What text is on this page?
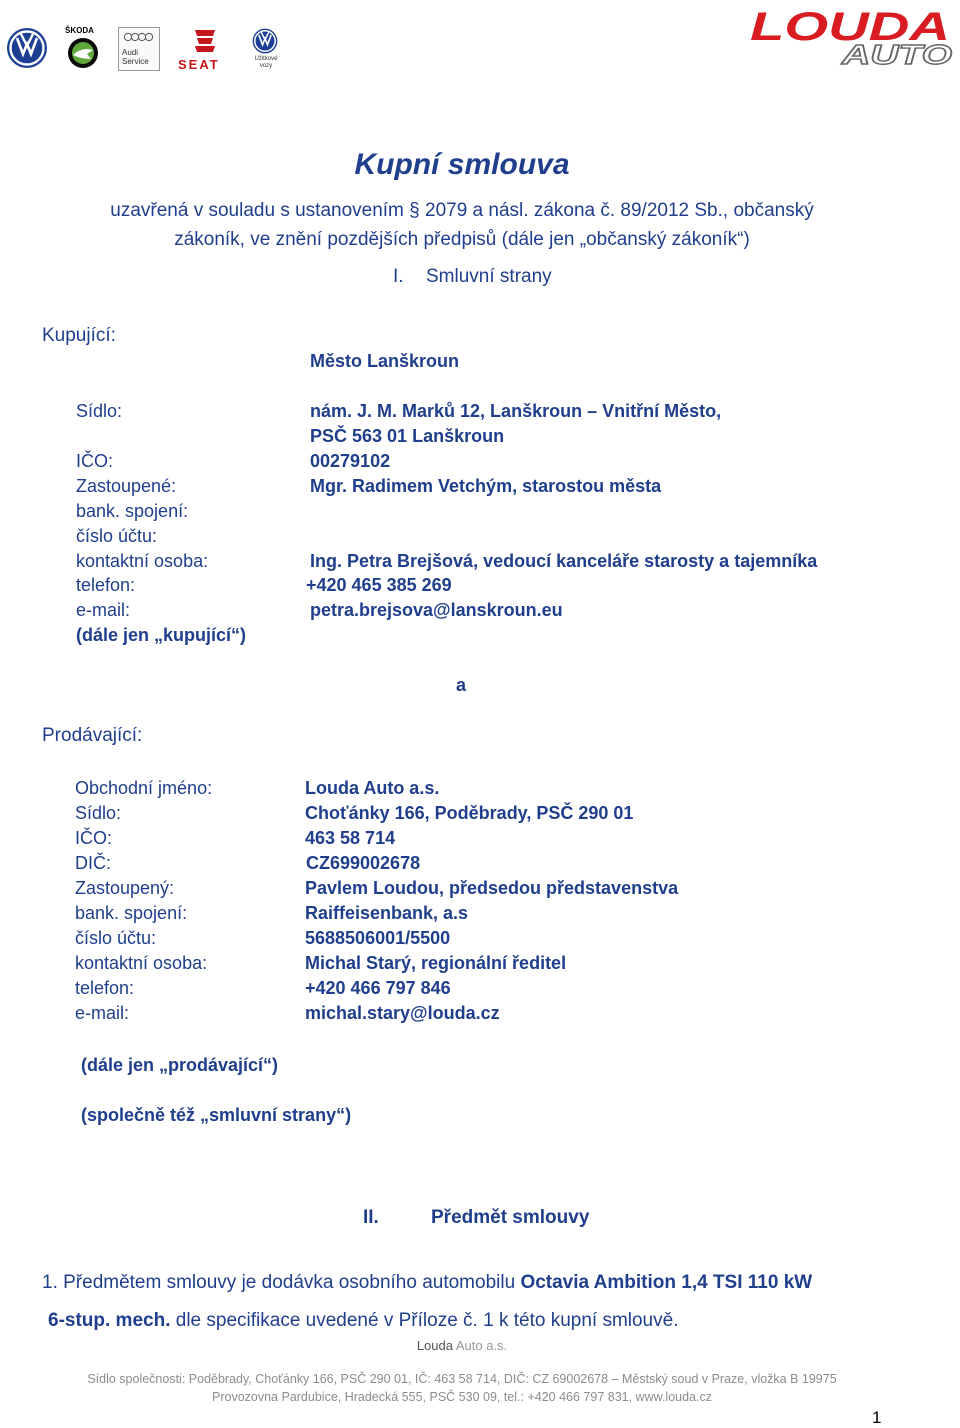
ŠKODA
Audi Service	SEAT	Užitkové vozy
LOUDA
AUTO
Kupní smlouva
uzavřená v souladu s ustanovením § 2079 a násl. zákona č. 89/2012 Sb., občanský
zákoník, ve znění pozdějších předpisů (dále jen „občanský zákoník“)
I. Smluvní strany
Kupující:
Město Lanškroun
Sídlo:	nám. J. M. Marků 12, Lanškroun – Vnitřní Město,
PSČ 563 01 Lanškroun
IČO:	00279102
Zastoupené:	Mgr. Radimem Vetchým, starostou města
bank. spojení:
číslo účtu:
kontaktní osoba:	Ing. Petra Brejšová, vedoucí kanceláře starosty a tajemníka
telefon:	+420 465 385 269
e-mail:	petra.brejsova@lanskroun.eu
(dále jen „kupující“)
a
Prodávající:
Obchodní jméno:	Louda Auto a.s.
Sídlo:	Choťánky 166, Poděbrady, PSČ 290 01
IČO:	463 58 714
DIČ:	CZ699002678
Zastoupený:	Pavlem Loudou, předsedou představenstva
bank. spojení:	Raiffeisenbank, a.s
číslo účtu:	5688506001/5500
kontaktní osoba:	Michal Starý, regionální ředitel
telefon:	+420 466 797 846
e-mail:	michal.stary@louda.cz
(dále jen „prodávající“)
(společně též „smluvní strany“)
II.	Předmět smlouvy
1. Předmětem smlouvy je dodávka osobního automobilu Octavia Ambition 1,4 TSI 110 kW
6-stup. mech. dle specifikace uvedené v Příloze č. 1 k této kupní smlouvě.
Louda Auto a.s.
Sídlo společnosti: Poděbrady, Choťánky 166, PSČ 290 01, IČ: 463 58 714, DIČ: CZ 69002678 – Městský soud v Praze, vložka B 19975
Provozovna Pardubice, Hradecká 555, PSČ 530 09, tel.: +420 466 797 831, www.louda.cz
1
